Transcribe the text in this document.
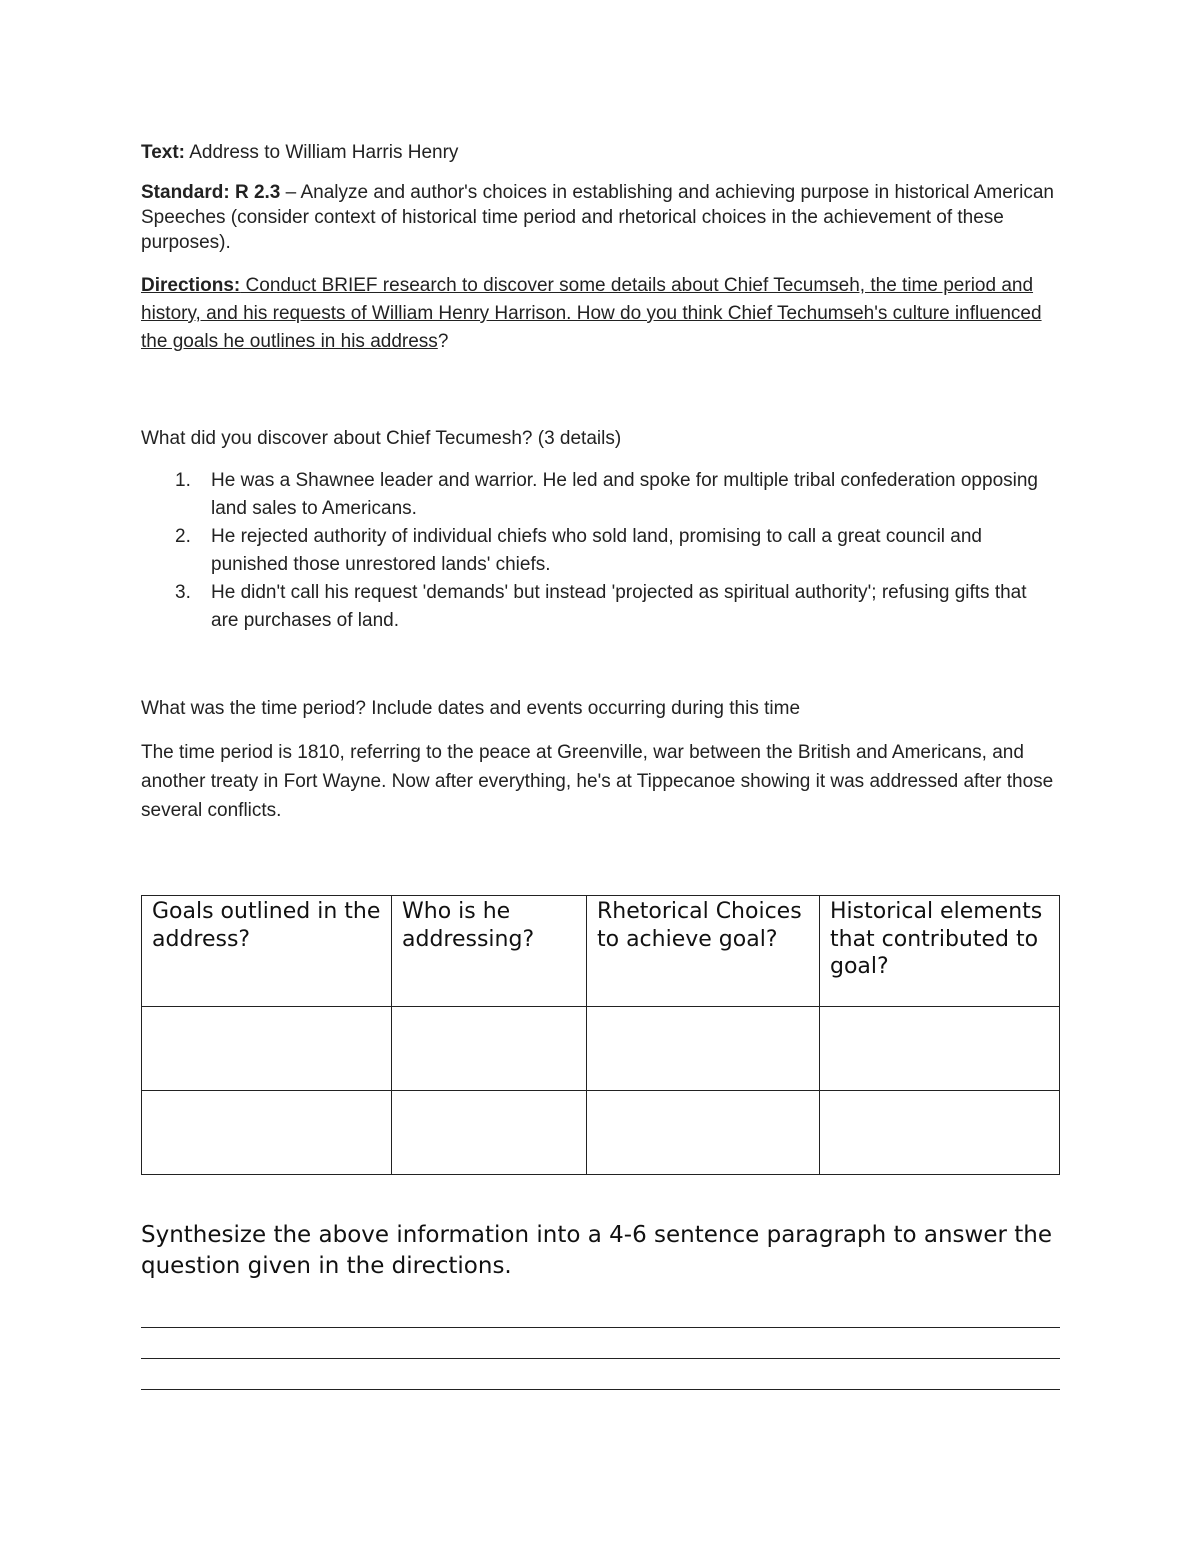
Text: Address to William Harris Henry

Standard: R 2.3 – Analyze and author's choices in establishing and achieving purpose in historical American Speeches (consider context of historical time period and rhetorical choices in the achievement of these purposes).

Directions: Conduct BRIEF research to discover some details about Chief Tecumseh, the time period and history, and his requests of William Henry Harrison. How do you think Chief Techumseh's culture influenced the goals he outlines in his address?

What did you discover about Chief Tecumesh? (3 details)

1.	He was a Shawnee leader and warrior. He led and spoke for multiple tribal confederation opposing land sales to Americans.
2.	He rejected authority of individual chiefs who sold land, promising to call a great council and punished those unrestored lands' chiefs.
3.	He didn't call his request 'demands' but instead 'projected as spiritual authority'; refusing gifts that are purchases of land.

What was the time period? Include dates and events occurring during this time

The time period is 1810, referring to the peace at Greenville, war between the British and Americans, and another treaty in Fort Wayne. Now after everything, he's at Tippecanoe showing it was addressed after those several conflicts.

Goals outlined in the address?	Who is he addressing?	Rhetorical Choices to achieve goal?	Historical elements that contributed to goal?

Synthesize the above information into a 4-6 sentence paragraph to answer the question given in the directions.
